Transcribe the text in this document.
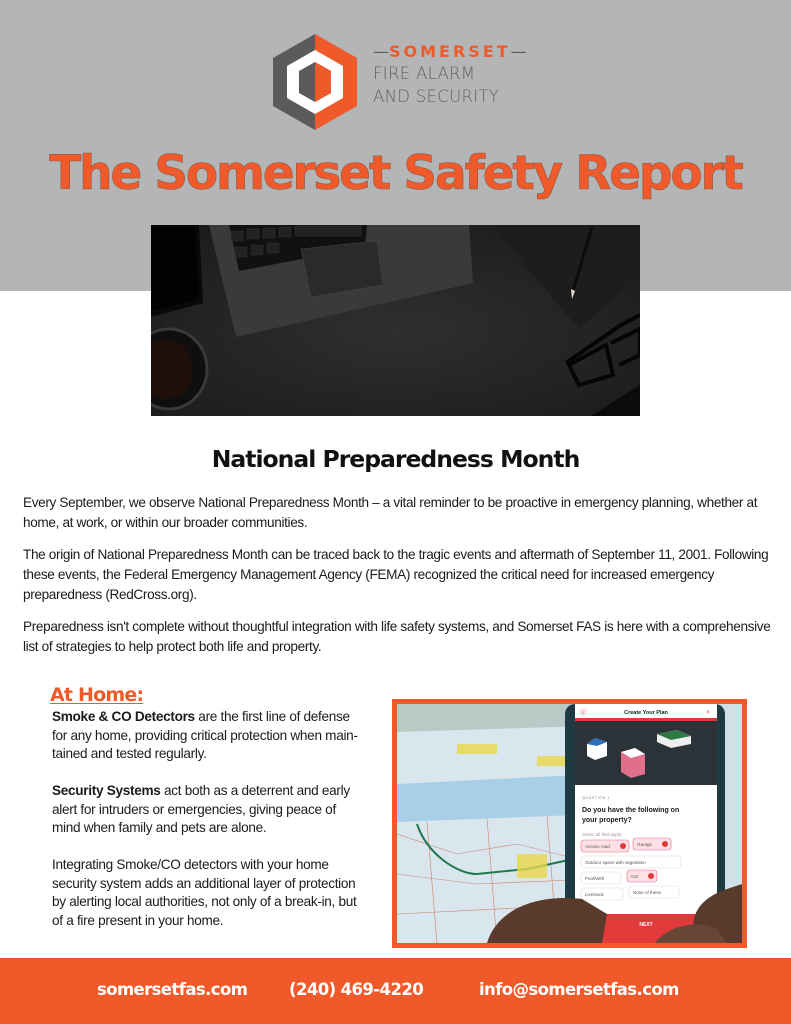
—SOMERSET—
FIRE ALARM
AND SECURITY
The Somerset Safety Report
National Preparedness Month
Every September, we observe National Preparedness Month – a vital reminder to be proactive in emergency planning, whether at home, at work, or within our broader communities.
The origin of National Preparedness Month can be traced back to the tragic events and aftermath of September 11, 2001. Following these events, the Federal Emergency Management Agency (FEMA) recognized the critical need for increased emergency preparedness (RedCross.org).
Preparedness isn't complete without thoughtful integration with life safety systems, and Somerset FAS is here with a comprehensive list of strategies to help protect both life and property.
At Home:
Smoke & CO Detectors are the first line of defense for any home, providing critical protection when main-tained and tested regularly.
Security Systems act both as a deterrent and early alert for intruders or emergencies, giving peace of mind when family and pets are alone.
Integrating Smoke/CO detectors with your home security system adds an additional layer of protection by alerting local authorities, not only of a break-in, but of a fire present in your home.
‹	Create Your Plan	×
QUESTION 1
Do you have the following on
your property?
Select all that apply:
Access road	Garage
Outdoor space with vegetation
Pool/Well	Car
Livestock	None of these
NEXT
somersetfas.com	(240) 469-4220	info@somersetfas.com
